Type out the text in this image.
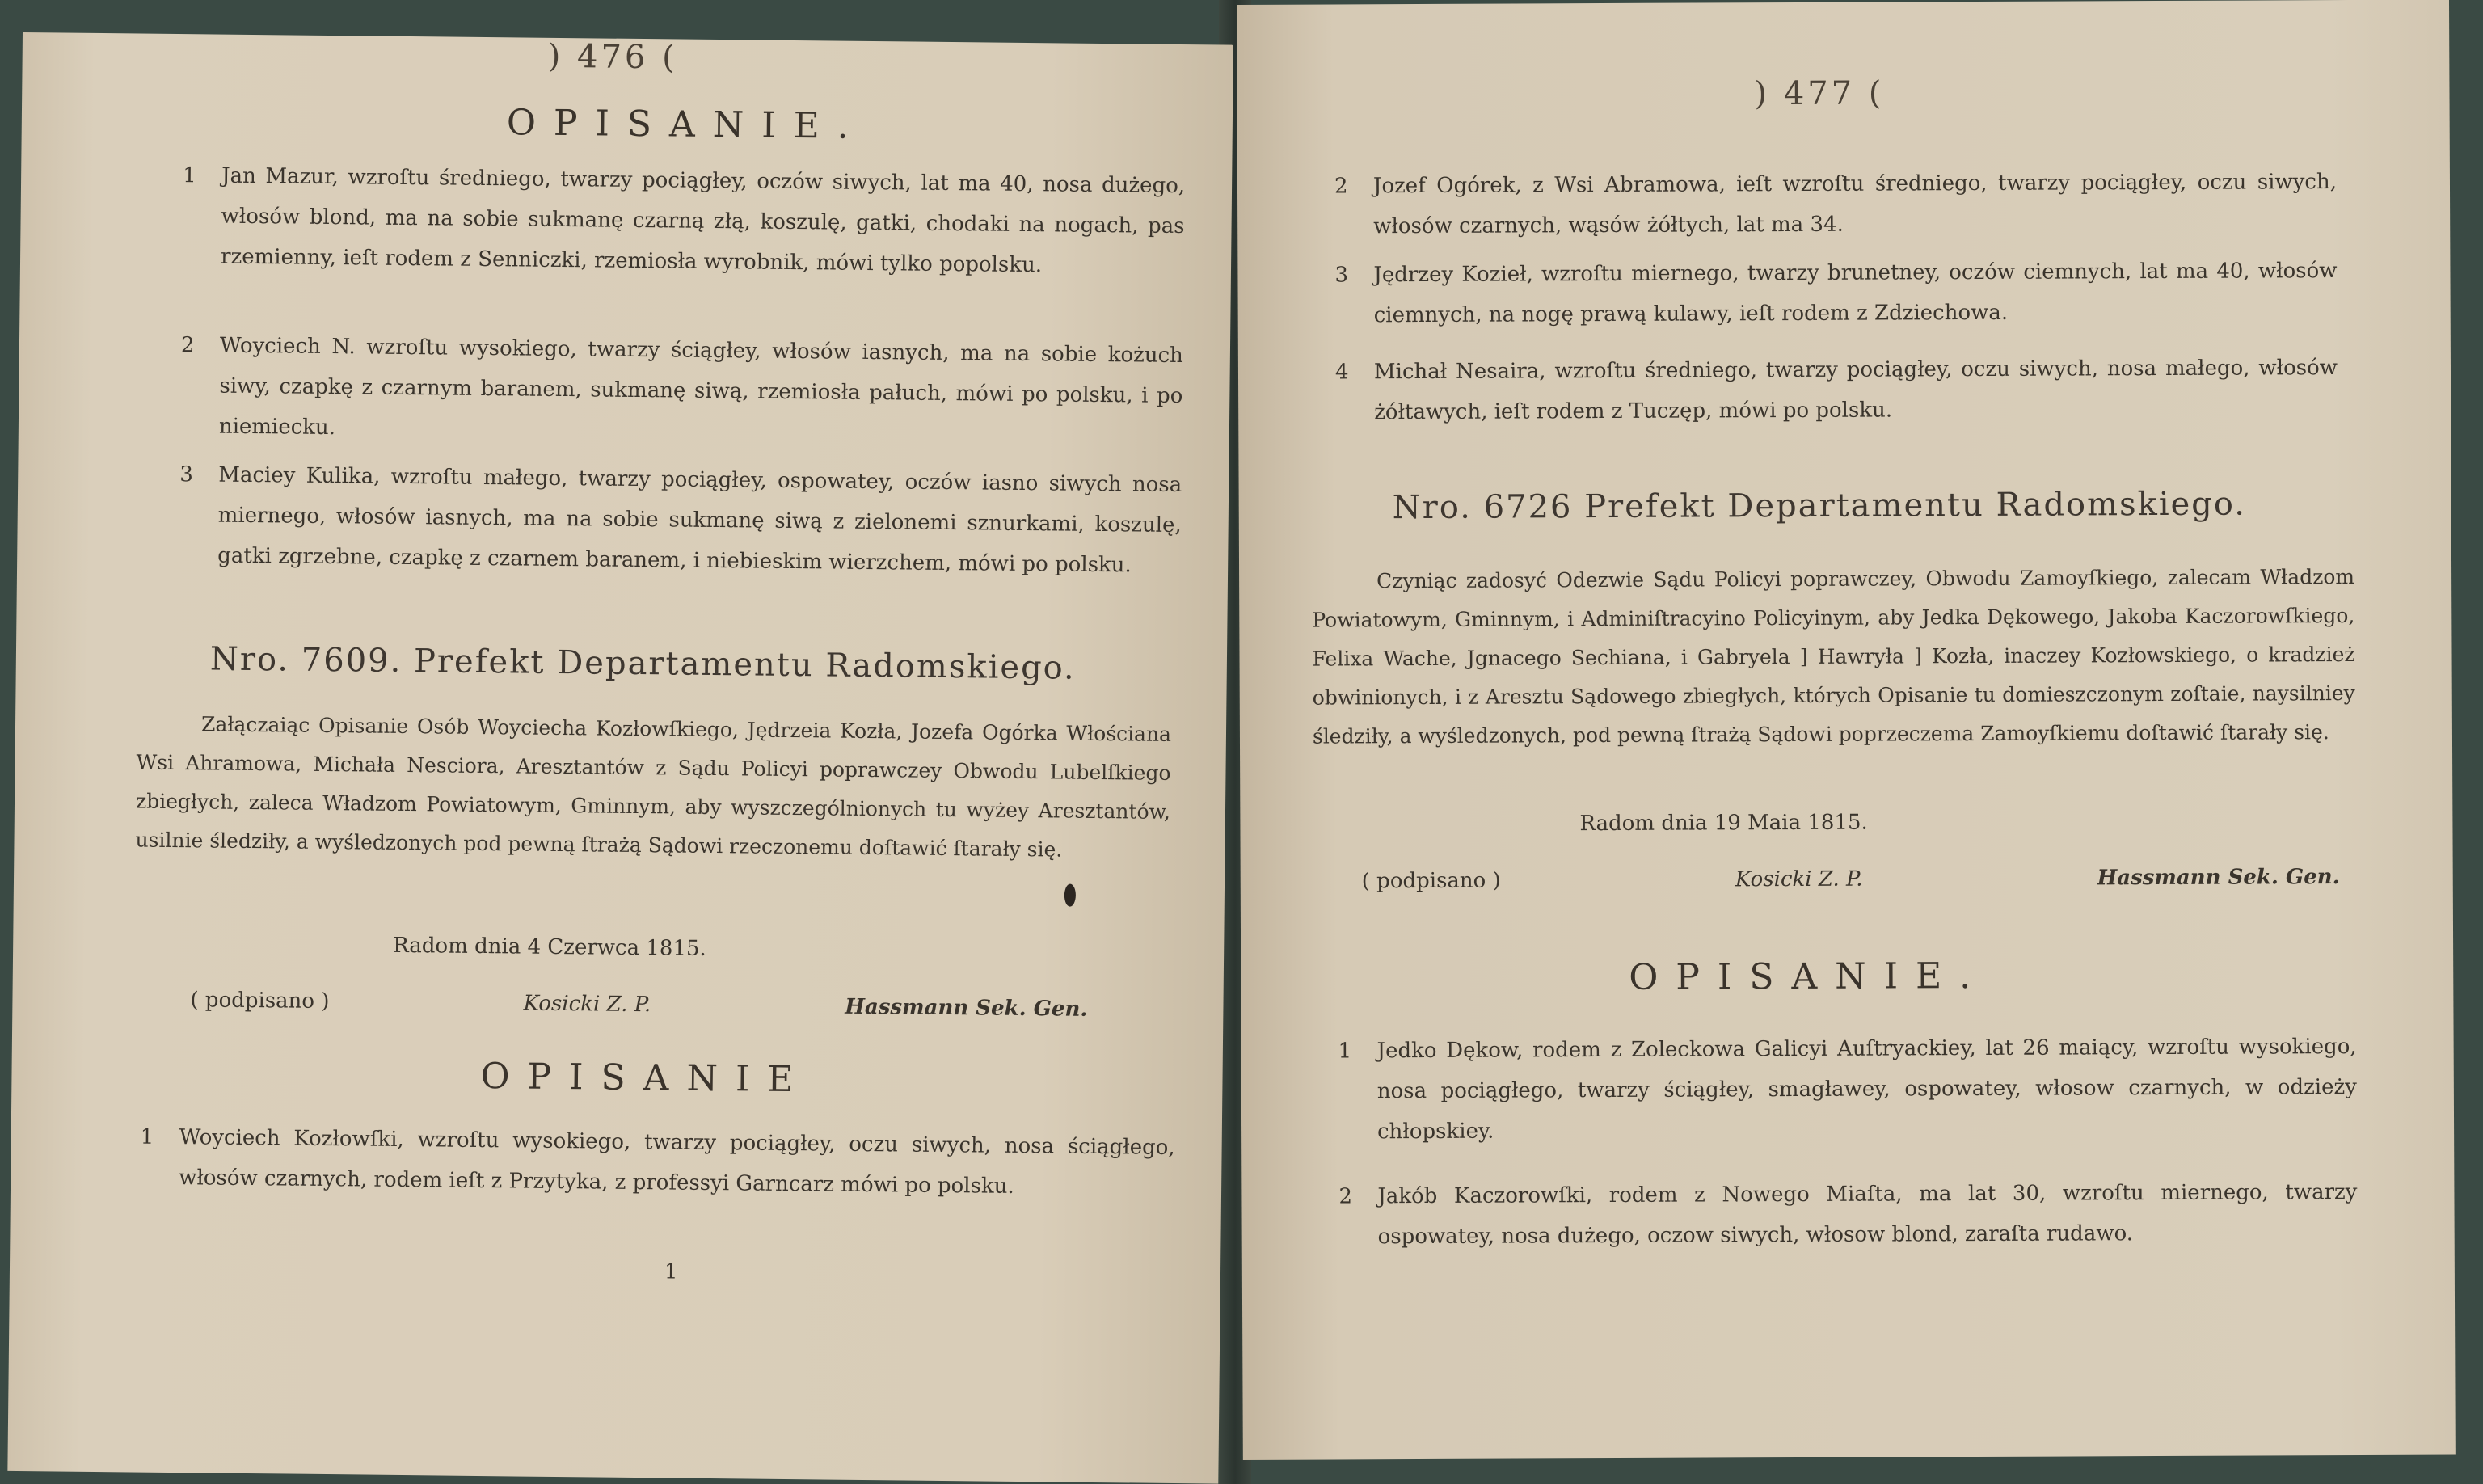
) 476 (
OPISANIE.
1	Jan Mazur, wzroſtu średniego, twarzy pociągłey, oczów siwych, lat ma 40, nosa dużego, włosów blond, ma na sobie sukmanę czarną złą, koszulę, gatki, chodaki na nogach, pas rzemienny, ieſt rodem z Senniczki, rzemiosła wyrobnik, mówi tylko popolsku.
2	Woyciech N. wzroſtu wysokiego, twarzy ściągłey, włosów iasnych, ma na sobie kożuch siwy, czapkę z czarnym baranem, sukmanę siwą, rzemiosła pałuch, mówi po polsku, i po niemiecku.
3	Maciey Kulika, wzroſtu małego, twarzy pociągłey, ospowatey, oczów iasno siwych nosa miernego, włosów iasnych, ma na sobie sukmanę siwą z zielonemi sznurkami, koszulę, gatki zgrzebne, czapkę z czarnem baranem, i niebieskim wierzchem, mówi po polsku.
Nro. 7609. Prefekt Departamentu Radomskiego.
Załączaiąc Opisanie Osób Woyciecha Kozłowſkiego, Jędrzeia Kozła, Jozefa Ogórka Włościana Wsi Ahramowa, Michała Nesciora, Aresztantów z Sądu Policyi poprawczey Obwodu Lubelſkiego zbiegłych, zaleca Władzom Powiatowym, Gminnym, aby wyszczególnionych tu wyżey Aresztantów, usilnie śledziły, a wyśledzonych pod pewną ſtrażą Sądowi rzeczonemu doſtawić ſtarały się.
Radom dnia 4 Czerwca 1815.
( podpisano )	Kosicki Z. P.	Hassmann Sek. Gen.
OPISANIE
1	Woyciech Kozłowſki, wzroſtu wysokiego, twarzy pociągłey, oczu siwych, nosa ściągłego, włosów czarnych, rodem ieſt z Przytyka, z professyi Garncarz mówi po polsku.
1
) 477 (
2	Jozef Ogórek, z Wsi Abramowa, ieſt wzroſtu średniego, twarzy pociągłey, oczu siwych, włosów czarnych, wąsów żółtych, lat ma 34.
3	Jędrzey Kozieł, wzroſtu miernego, twarzy brunetney, oczów ciemnych, lat ma 40, włosów ciemnych, na nogę prawą kulawy, ieſt rodem z Zdziechowa.
4	Michał Nesaira, wzroſtu średniego, twarzy pociągłey, oczu siwych, nosa małego, włosów żółtawych, ieſt rodem z Tuczęp, mówi po polsku.
Nro. 6726 Prefekt Departamentu Radomskiego.
Czyniąc zadosyć Odezwie Sądu Policyi poprawczey, Obwodu Zamoyſkiego, zalecam Władzom Powiatowym, Gminnym, i Adminiſtracyino Policyinym, aby Jedka Dękowego, Jakoba Kaczorowſkiego, Felixa Wache, Jgnacego Sechiana, i Gabryela ] Hawryła ] Kozła, inaczey Kozłowskiego, o kradzież obwinionych, i z Aresztu Sądowego zbiegłych, których Opisanie tu domieszczonym zoſtaie, naysilniey śledziły, a wyśledzonych, pod pewną ſtrażą Sądowi poprzeczema Zamoyſkiemu doſtawić ſtarały się.
Radom dnia 19 Maia 1815.
( podpisano )	Kosicki Z. P.	Hassmann Sek. Gen.
OPISANIE.
1	Jedko Dękow, rodem z Zoleckowa Galicyi Auſtryackiey, lat 26 maiący, wzroſtu wysokiego, nosa pociągłego, twarzy ściągłey, smagławey, ospowatey, włosow czarnych, w odzieży chłopskiey.
2	Jakób Kaczorowſki, rodem z Nowego Miaſta, ma lat 30, wzroſtu miernego, twarzy ospowatey, nosa dużego, oczow siwych, włosow blond, zaraſta rudawo.
